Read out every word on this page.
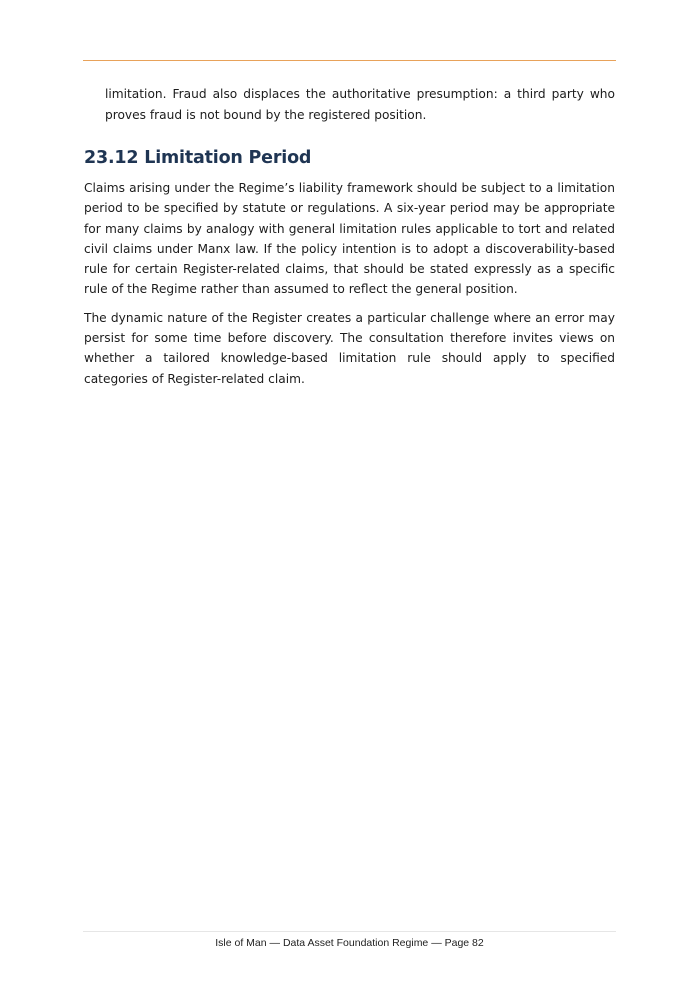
limitation. Fraud also displaces the authoritative presumption: a third party who proves fraud is not bound by the registered position.

23.12 Limitation Period

Claims arising under the Regime’s liability framework should be subject to a limitation period to be specified by statute or regulations. A six-year period may be appropriate for many claims by analogy with general limitation rules applicable to tort and related civil claims under Manx law. If the policy intention is to adopt a discoverability-based rule for certain Register-related claims, that should be stated expressly as a specific rule of the Regime rather than assumed to reflect the general position.

The dynamic nature of the Register creates a particular challenge where an error may persist for some time before discovery. The consultation therefore invites views on whether a tailored knowledge-based limitation rule should apply to specified categories of Register-related claim.

Isle of Man — Data Asset Foundation Regime — Page 82
